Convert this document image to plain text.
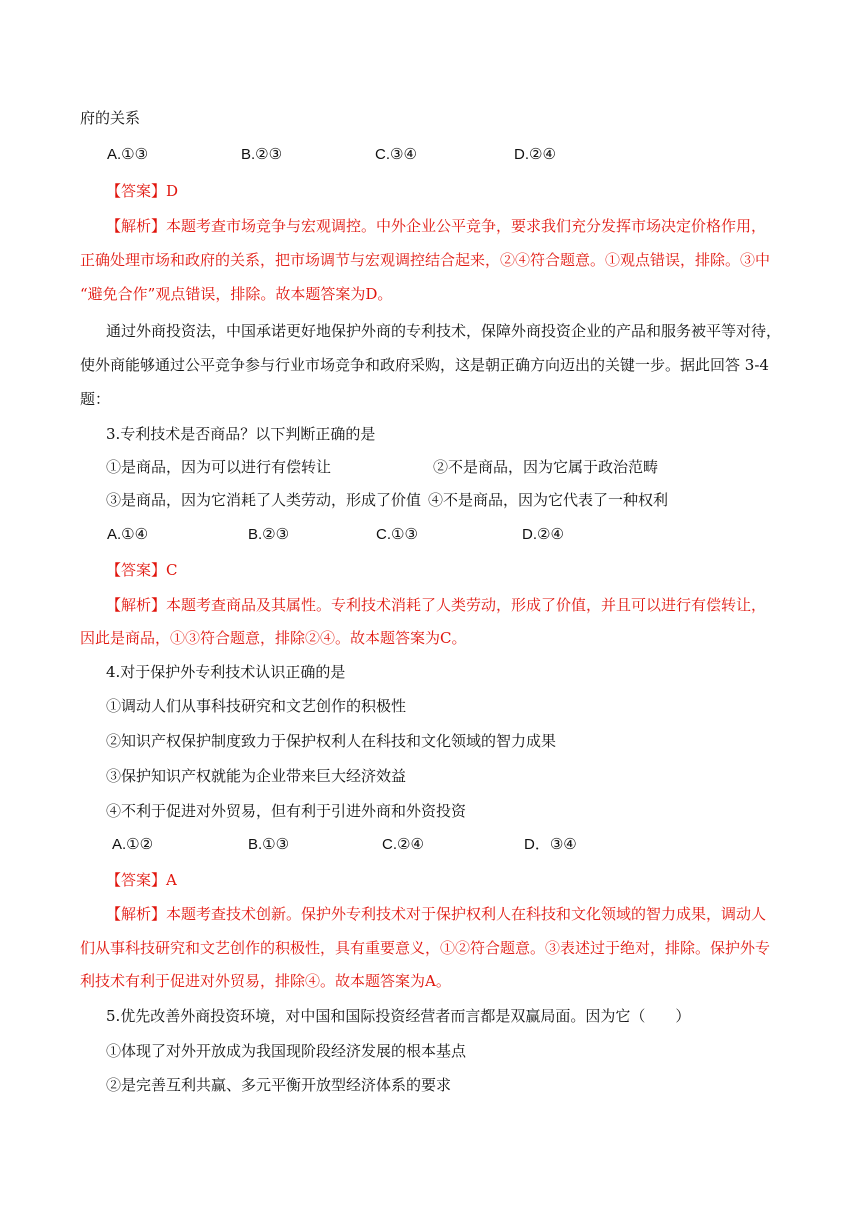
府的关系
A.①③	B.②③	C.③④	D.②④
【答案】D
【解析】本题考查市场竞争与宏观调控。中外企业公平竞争，要求我们充分发挥市场决定价格作用，
正确处理市场和政府的关系，把市场调节与宏观调控结合起来，②④符合题意。①观点错误，排除。③中
“避免合作”观点错误，排除。故本题答案为D。
通过外商投资法，中国承诺更好地保护外商的专利技术，保障外商投资企业的产品和服务被平等对待，
使外商能够通过公平竞争参与行业市场竞争和政府采购，这是朝正确方向迈出的关键一步。据此回答 3-4
题：
3.专利技术是否商品？以下判断正确的是
①是商品，因为可以进行有偿转让	②不是商品，因为它属于政治范畴
③是商品，因为它消耗了人类劳动，形成了价值 ④不是商品，因为它代表了一种权利
A.①④	B.②③	C.①③	D.②④
【答案】C
【解析】本题考查商品及其属性。专利技术消耗了人类劳动，形成了价值，并且可以进行有偿转让，
因此是商品，①③符合题意，排除②④。故本题答案为C。
4.对于保护外专利技术认识正确的是
①调动人们从事科技研究和文艺创作的积极性
②知识产权保护制度致力于保护权利人在科技和文化领域的智力成果
③保护知识产权就能为企业带来巨大经济效益
④不利于促进对外贸易，但有利于引进外商和外资投资
A.①②	B.①③	C.②④	D．③④
【答案】A
【解析】本题考查技术创新。保护外专利技术对于保护权利人在科技和文化领域的智力成果，调动人
们从事科技研究和文艺创作的积极性，具有重要意义，①②符合题意。③表述过于绝对，排除。保护外专
利技术有利于促进对外贸易，排除④。故本题答案为A。
5.优先改善外商投资环境，对中国和国际投资经营者而言都是双赢局面。因为它（　　）
①体现了对外开放成为我国现阶段经济发展的根本基点
②是完善互利共赢、多元平衡开放型经济体系的要求
